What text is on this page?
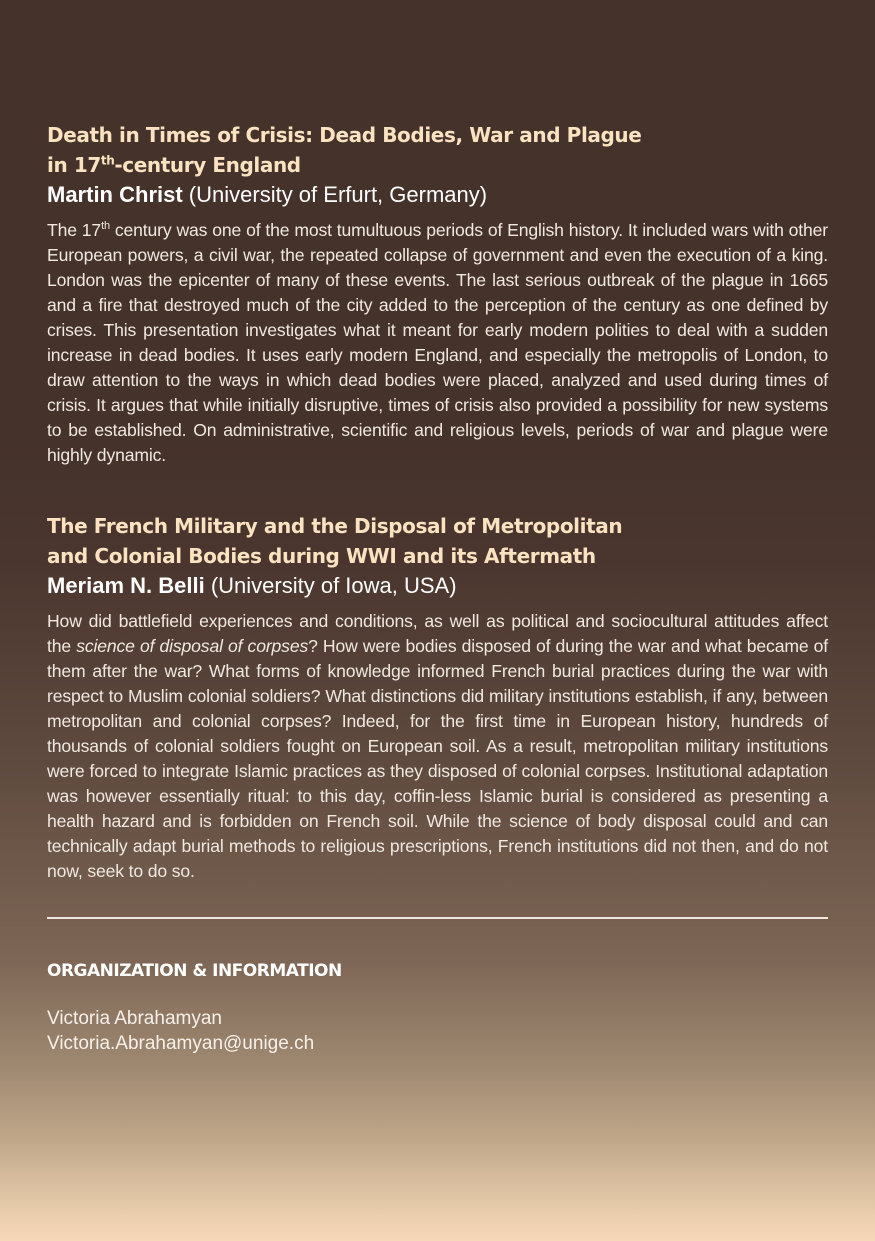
Death in Times of Crisis: Dead Bodies, War and Plague
in 17th-century England

Martin Christ (University of Erfurt, Germany)

The 17th century was one of the most tumultuous periods of English history. It included wars with other European powers, a civil war, the repeated collapse of government and even the execution of a king. London was the epicenter of many of these events. The last serious outbreak of the plague in 1665 and a fire that destroyed much of the city added to the perception of the century as one defined by crises. This presentation investigates what it meant for early modern polities to deal with a sudden increase in dead bodies. It uses early modern England, and especially the metropolis of London, to draw attention to the ways in which dead bodies were placed, analyzed and used during times of crisis. It argues that while initially disruptive, times of crisis also provided a possibility for new systems to be established. On administrative, scientific and religious levels, periods of war and plague were highly dynamic.

The French Military and the Disposal of Metropolitan
and Colonial Bodies during WWI and its Aftermath

Meriam N. Belli (University of Iowa, USA)

How did battlefield experiences and conditions, as well as political and sociocultural attitudes affect the science of disposal of corpses? How were bodies disposed of during the war and what became of them after the war? What forms of knowledge informed French burial practices during the war with respect to Muslim colonial soldiers? What distinctions did military institutions establish, if any, between metropolitan and colonial corpses? Indeed, for the first time in European history, hundreds of thousands of colonial soldiers fought on European soil. As a result, metropolitan military institutions were forced to integrate Islamic practices as they disposed of colonial corpses. Institutional adaptation was however essentially ritual: to this day, coffin-less Islamic burial is considered as presenting a health hazard and is forbidden on French soil. While the science of body disposal could and can technically adapt burial methods to religious prescriptions, French institutions did not then, and do not now, seek to do so.

ORGANIZATION & INFORMATION
Victoria Abrahamyan
Victoria.Abrahamyan@unige.ch
